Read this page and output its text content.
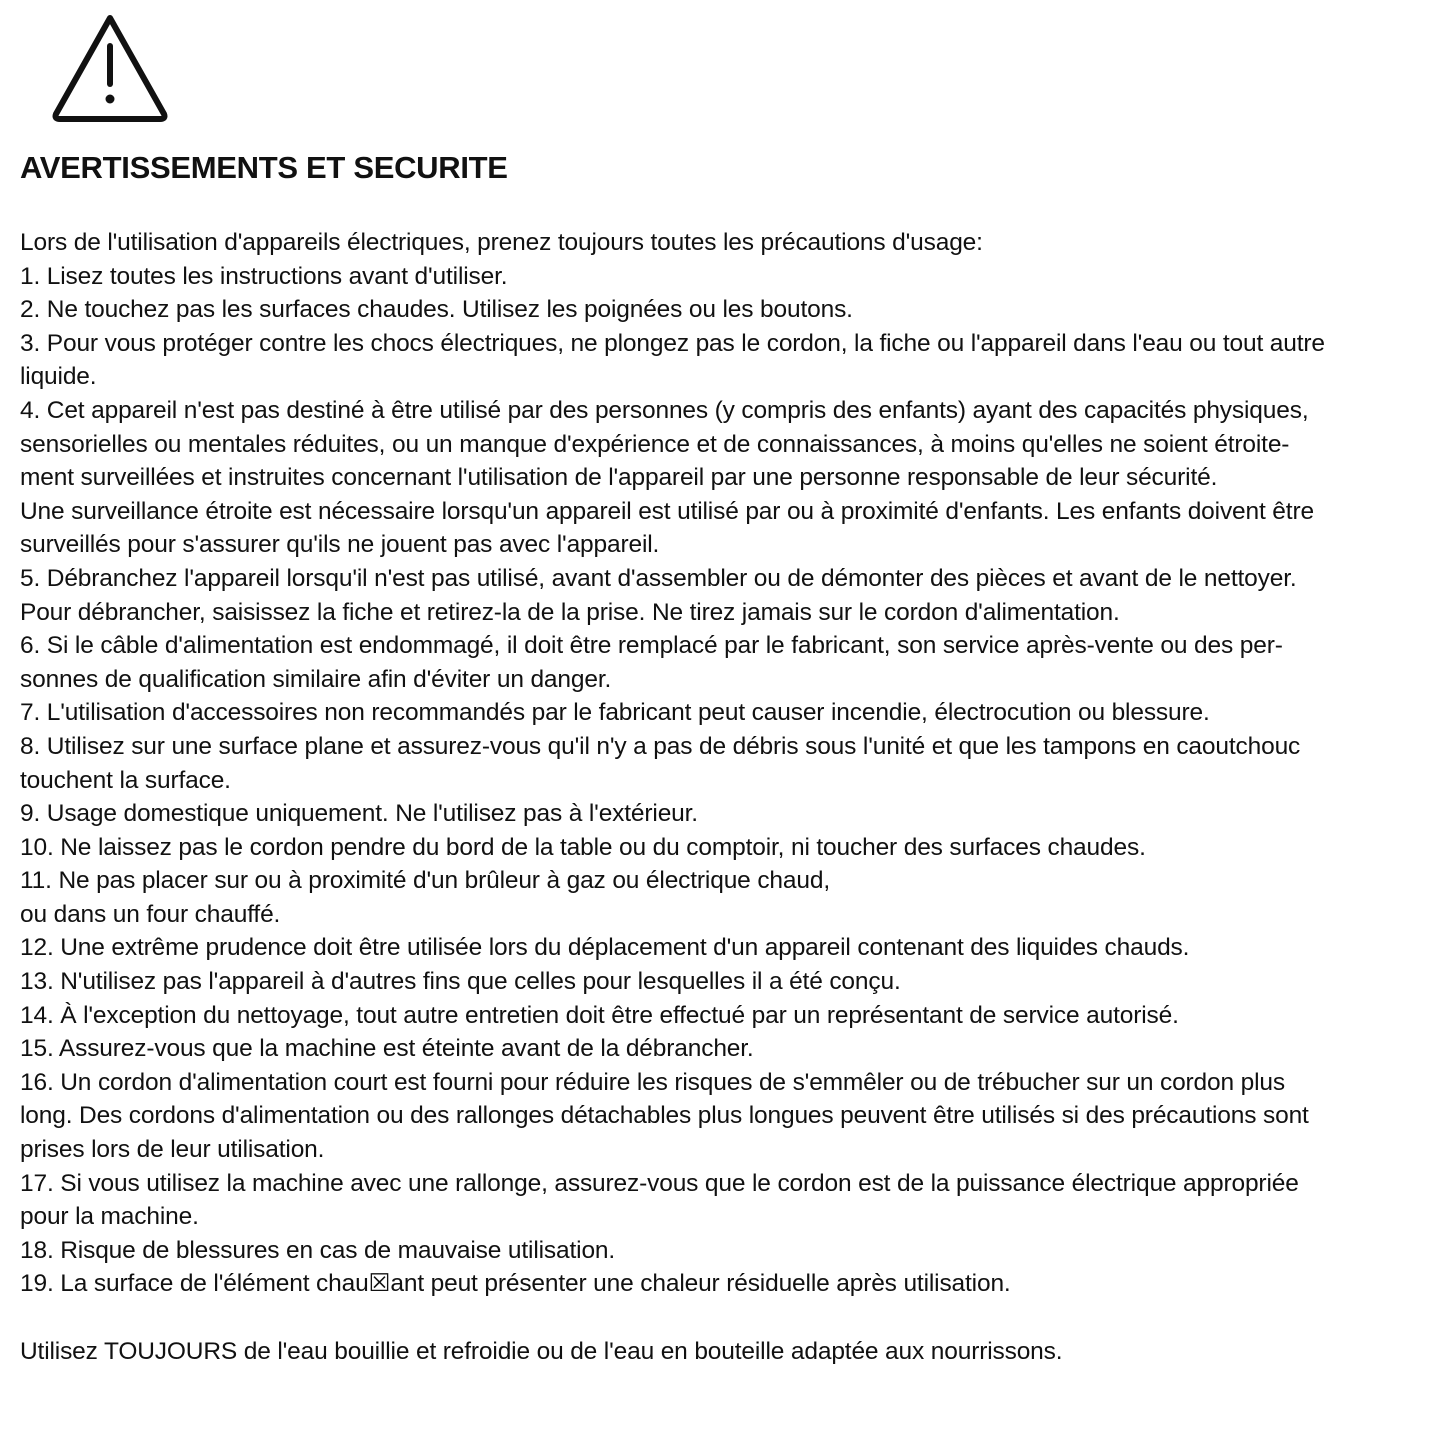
AVERTISSEMENTS ET SECURITE
Lors de l'utilisation d'appareils électriques, prenez toujours toutes les précautions d'usage:
1. Lisez toutes les instructions avant d'utiliser.
2. Ne touchez pas les surfaces chaudes. Utilisez les poignées ou les boutons.
3. Pour vous protéger contre les chocs électriques, ne plongez pas le cordon, la fiche ou l'appareil dans l'eau ou tout autre
liquide.
4. Cet appareil n'est pas destiné à être utilisé par des personnes (y compris des enfants) ayant des capacités physiques,
sensorielles ou mentales réduites, ou un manque d'expérience et de connaissances, à moins qu'elles ne soient étroite-
ment surveillées et instruites concernant l'utilisation de l'appareil par une personne responsable de leur sécurité.
Une surveillance étroite est nécessaire lorsqu'un appareil est utilisé par ou à proximité d'enfants. Les enfants doivent être
surveillés pour s'assurer qu'ils ne jouent pas avec l'appareil.
5. Débranchez l'appareil lorsqu'il n'est pas utilisé, avant d'assembler ou de démonter des pièces et avant de le nettoyer.
Pour débrancher, saisissez la fiche et retirez-la de la prise. Ne tirez jamais sur le cordon d'alimentation.
6. Si le câble d'alimentation est endommagé, il doit être remplacé par le fabricant, son service après-vente ou des per-
sonnes de qualification similaire afin d'éviter un danger.
7. L'utilisation d'accessoires non recommandés par le fabricant peut causer incendie, électrocution ou blessure.
8. Utilisez sur une surface plane et assurez-vous qu'il n'y a pas de débris sous l'unité et que les tampons en caoutchouc
touchent la surface.
9. Usage domestique uniquement. Ne l'utilisez pas à l'extérieur.
10. Ne laissez pas le cordon pendre du bord de la table ou du comptoir, ni toucher des surfaces chaudes.
11. Ne pas placer sur ou à proximité d'un brûleur à gaz ou électrique chaud,
ou dans un four chauffé.
12. Une extrême prudence doit être utilisée lors du déplacement d'un appareil contenant des liquides chauds.
13. N'utilisez pas l'appareil à d'autres fins que celles pour lesquelles il a été conçu.
14. À l'exception du nettoyage, tout autre entretien doit être effectué par un représentant de service autorisé.
15. Assurez-vous que la machine est éteinte avant de la débrancher.
16. Un cordon d'alimentation court est fourni pour réduire les risques de s'emmêler ou de trébucher sur un cordon plus
long. Des cordons d'alimentation ou des rallonges détachables plus longues peuvent être utilisés si des précautions sont
prises lors de leur utilisation.
17. Si vous utilisez la machine avec une rallonge, assurez-vous que le cordon est de la puissance électrique appropriée
pour la machine.
18. Risque de blessures en cas de mauvaise utilisation.
19. La surface de l'élément chau☒ant peut présenter une chaleur résiduelle après utilisation.
Utilisez TOUJOURS de l'eau bouillie et refroidie ou de l'eau en bouteille adaptée aux nourrissons.
